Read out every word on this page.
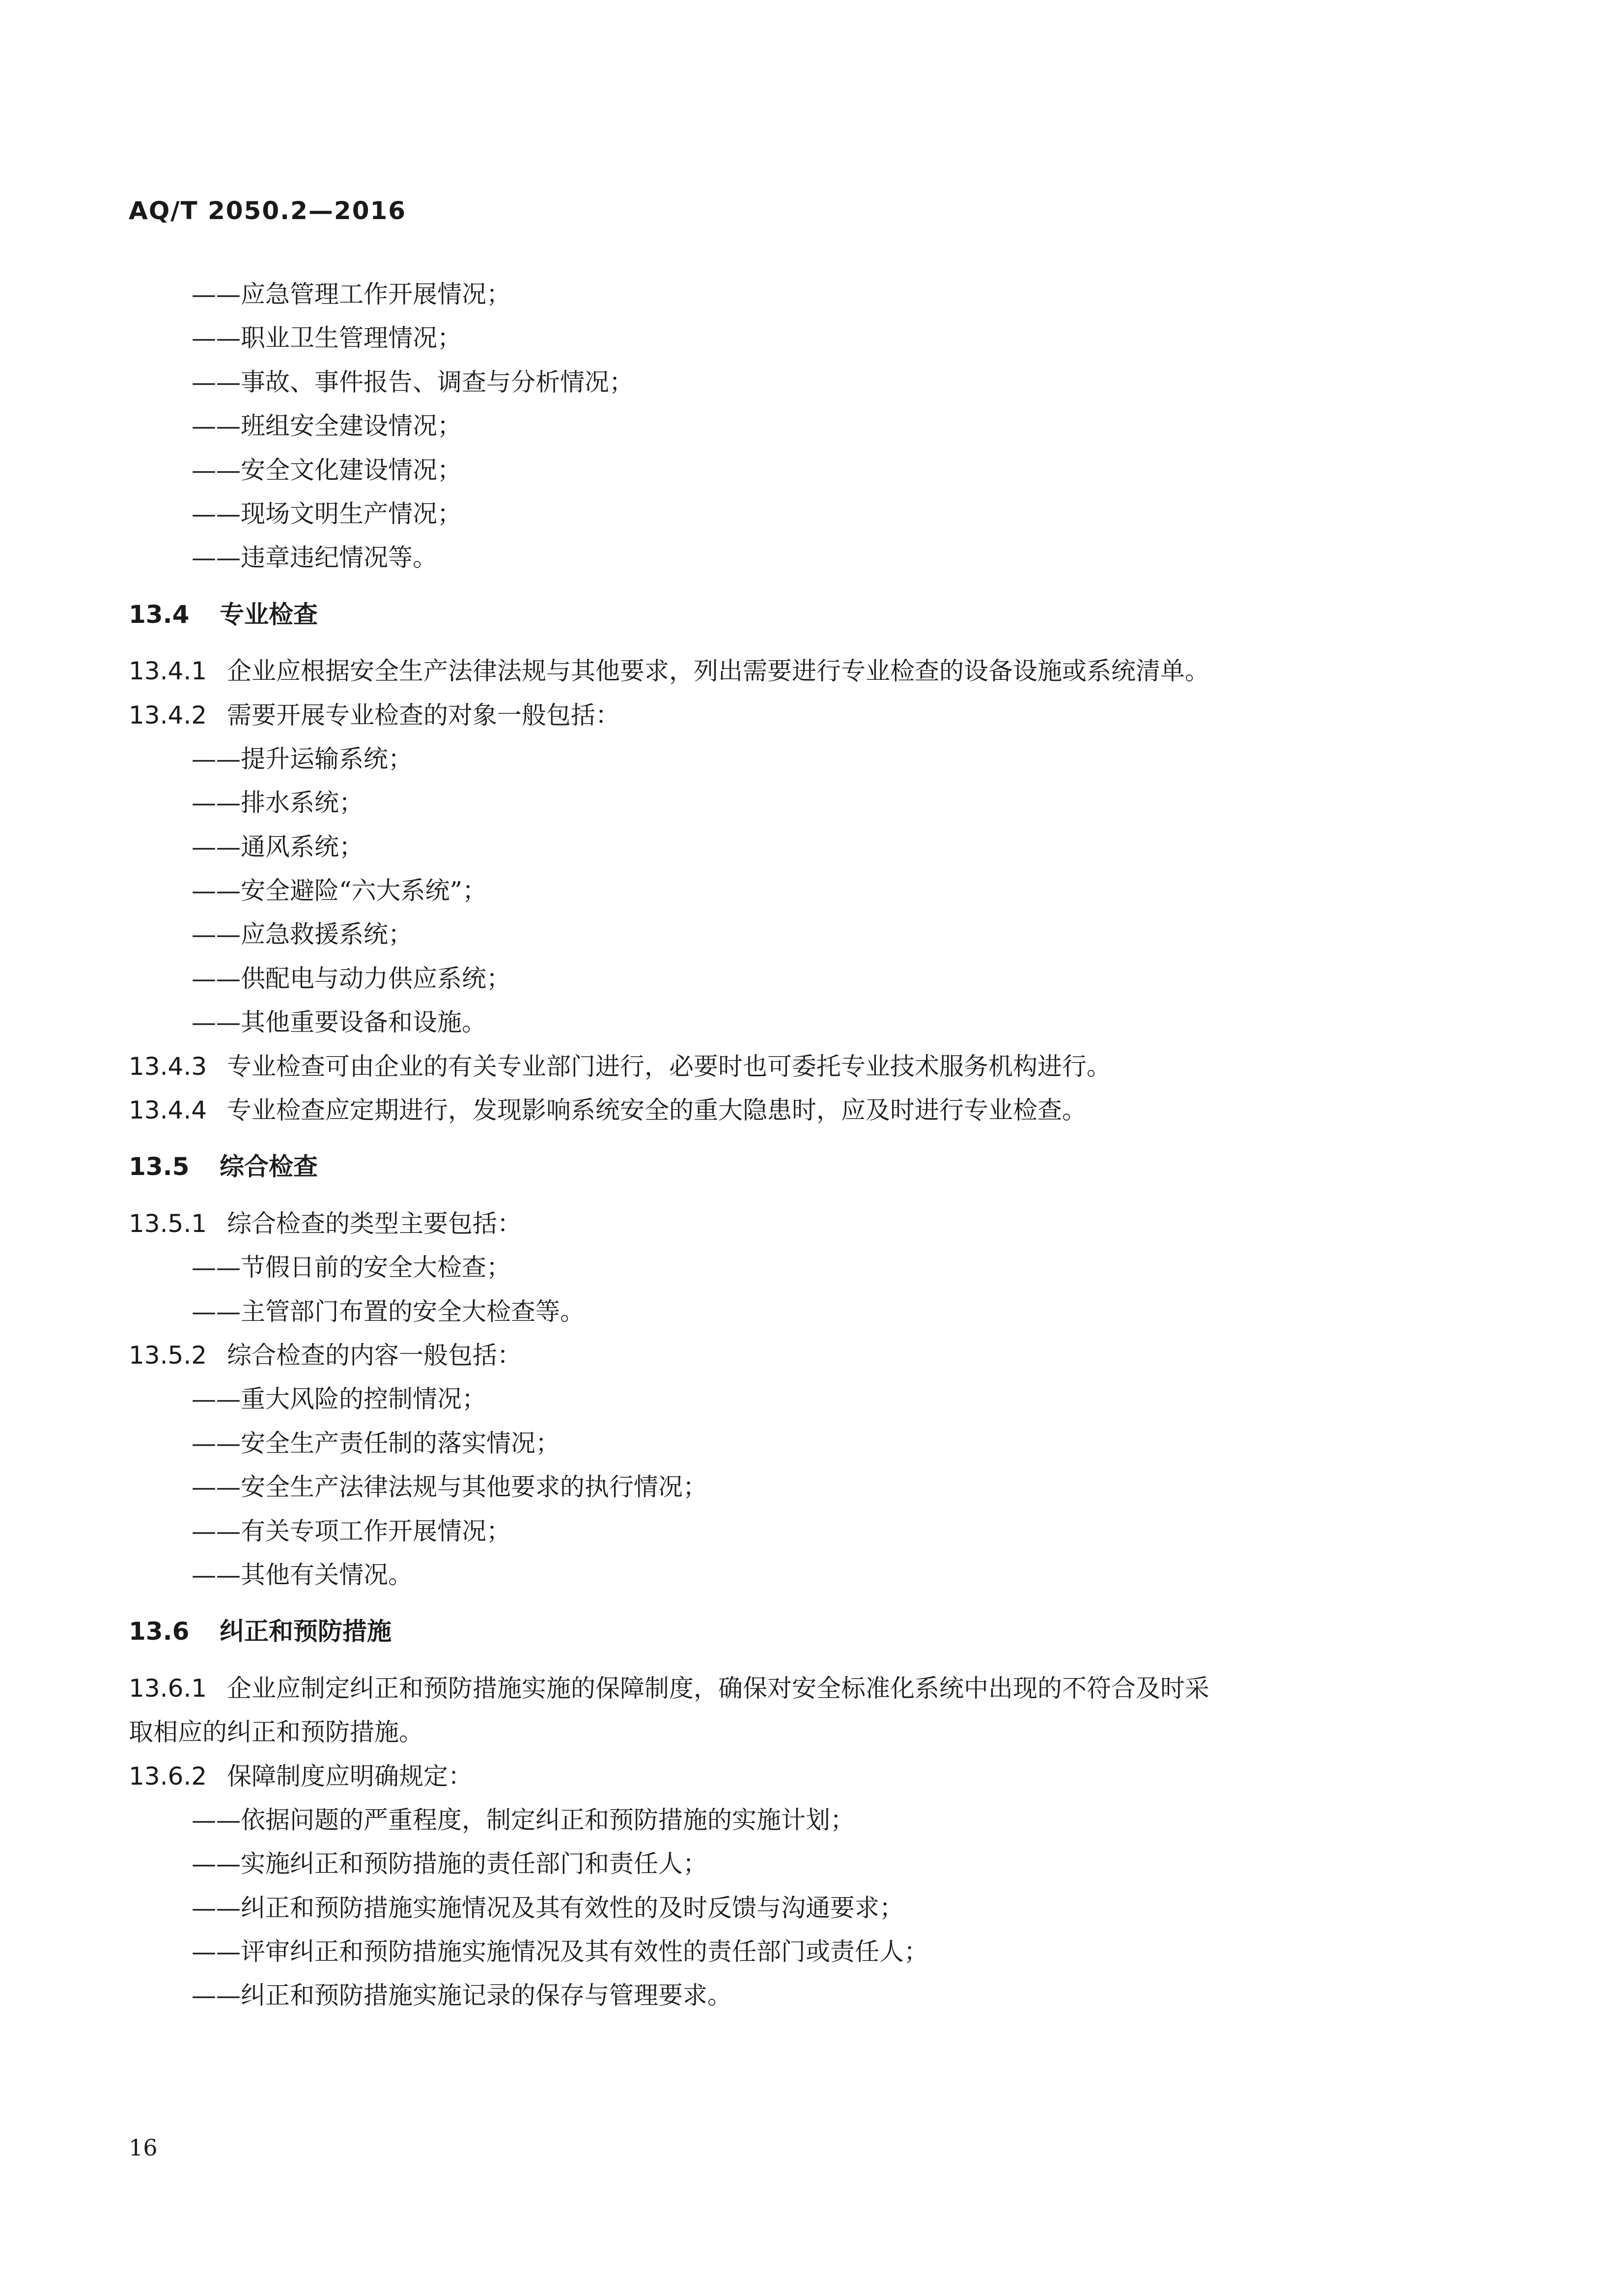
AQ/T 2050.2—2016
——应急管理工作开展情况；
——职业卫生管理情况；
——事故、事件报告、调查与分析情况；
——班组安全建设情况；
——安全文化建设情况；
——现场文明生产情况；
——违章违纪情况等。
13.4 专业检查
13.4.1 企业应根据安全生产法律法规与其他要求，列出需要进行专业检查的设备设施或系统清单。
13.4.2 需要开展专业检查的对象一般包括：
——提升运输系统；
——排水系统；
——通风系统；
——安全避险“六大系统”；
——应急救援系统；
——供配电与动力供应系统；
——其他重要设备和设施。
13.4.3 专业检查可由企业的有关专业部门进行，必要时也可委托专业技术服务机构进行。
13.4.4 专业检查应定期进行，发现影响系统安全的重大隐患时，应及时进行专业检查。
13.5 综合检查
13.5.1 综合检查的类型主要包括：
——节假日前的安全大检查；
——主管部门布置的安全大检查等。
13.5.2 综合检查的内容一般包括：
——重大风险的控制情况；
——安全生产责任制的落实情况；
——安全生产法律法规与其他要求的执行情况；
——有关专项工作开展情况；
——其他有关情况。
13.6 纠正和预防措施
13.6.1 企业应制定纠正和预防措施实施的保障制度，确保对安全标准化系统中出现的不符合及时采
取相应的纠正和预防措施。
13.6.2 保障制度应明确规定：
——依据问题的严重程度，制定纠正和预防措施的实施计划；
——实施纠正和预防措施的责任部门和责任人；
——纠正和预防措施实施情况及其有效性的及时反馈与沟通要求；
——评审纠正和预防措施实施情况及其有效性的责任部门或责任人；
——纠正和预防措施实施记录的保存与管理要求。
16
